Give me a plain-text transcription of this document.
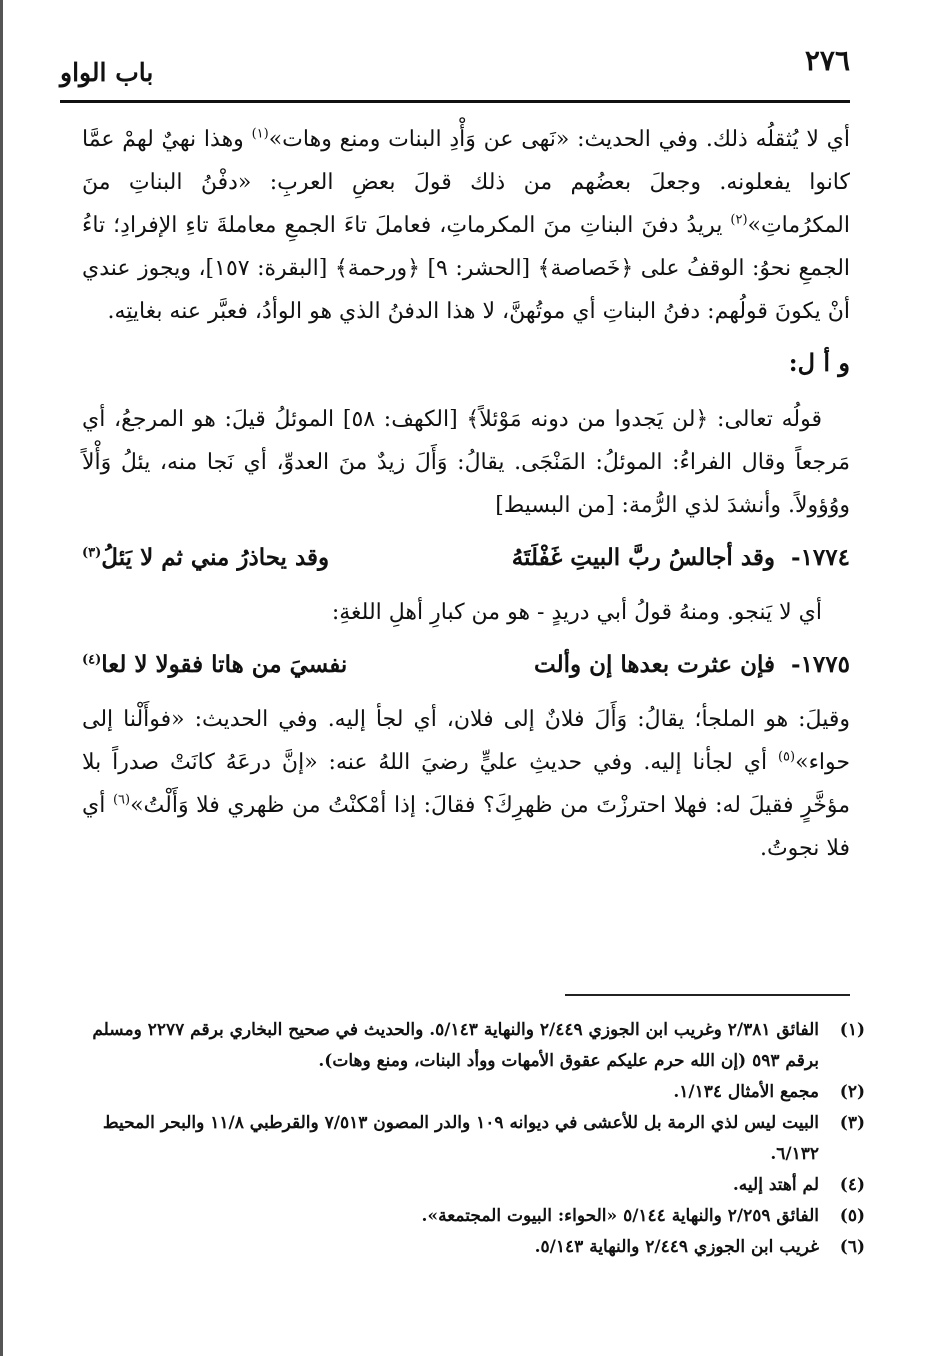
٢٧٦
باب الواو

أي لا يُثقلُه ذلك. وفي الحديث: «نَهى عن وَأْدِ البنات ومنع وهات»$^{(١)}$ وهذا نهيٌ لهمْ عمَّا كانوا يفعلونه. وجعلَ بعضُهم من ذلك قولَ بعضِ العربِ: «دفْنُ البناتِ منَ المكرُماتِ»$^{(٢)}$ يريدُ دفنَ البناتِ منَ المكرماتِ، فعاملَ تاءَ الجمعِ معاملةَ تاءِ الإفرادِ؛ تاءُ الجمعِ نحوُ: الوقفُ على ﴿خَصاصة﴾ [الحشر: ٩] ﴿ورحمة﴾ [البقرة: ١٥٧]، ويجوز عندي أنْ يكونَ قولُهم: دفنُ البناتِ أي موتُهنَّ، لا هذا الدفنُ الذي هو الوأدُ، فعبَّر عنه بغايتِه.

و أ ل:

قولُه تعالى: ﴿لن يَجدوا من دونه مَوْئلاً﴾ [الكهف: ٥٨] الموئلُ قيلَ: هو المرجعُ، أي مَرجعاً وقال الفراءُ: الموئلُ: المَنْجَى. يقالُ: وَأَلَ زيدٌ منَ العدوِّ، أي نَجا منه، يئلُ وَأْلاً ووُؤولاً. وأنشدَ لذي الرُّمة: [من البسيط]

١٧٧٤- وقد أجالسُ ربَّ البيتِ غَفْلَتَهُ
وقد يحاذرُ مني ثم لا يَئلُ$^{(٣)}$

أي لا يَنجو. ومنهُ قولُ أبي دريدٍ - هو من كبارِ أهلِ اللغةِ:

١٧٧٥- فإن عثرت بعدها إن وألت
نفسيَ من هاتا فقولا لا لعا$^{(٤)}$

وقيلَ: هو الملجأ؛ يقالُ: وَأَلَ فلانٌ إلى فلان، أي لجأ إليه. وفي الحديث: «فوأَلْنا إلى حواء»$^{(٥)}$ أي لجأنا إليه. وفي حديثِ عليٍّ رضيَ اللهُ عنه: «إنَّ درعَهُ كانَتْ صدراً بلا مؤخَّرٍ فقيلَ له: فهلا احترزْتَ من ظهرِكَ؟ فقالَ: إذا أمْكنْتُ من ظهري فلا وَأَلْتُ»$^{(٦)}$ أي فلا نجوتُ.

(١)
الفائق ٢/٣٨١ وغريب ابن الجوزي ٢/٤٤٩ والنهاية ٥/١٤٣. والحديث في صحيح البخاري برقم ٢٢٧٧ ومسلم برقم ٥٩٣ (إن الله حرم عليكم عقوق الأمهات ووأد البنات، ومنع وهات).
(٢)
مجمع الأمثال ١/١٣٤.
(٣)
البيت ليس لذي الرمة بل للأعشى في ديوانه ١٠٩ والدر المصون ٧/٥١٣ والقرطبي ١١/٨ والبحر المحيط ٦/١٣٢.
(٤)
لم أهتد إليه.
(٥)
الفائق ٢/٢٥٩ والنهاية ٥/١٤٤ «الحواء: البيوت المجتمعة».
(٦)
غريب ابن الجوزي ٢/٤٤٩ والنهاية ٥/١٤٣.
